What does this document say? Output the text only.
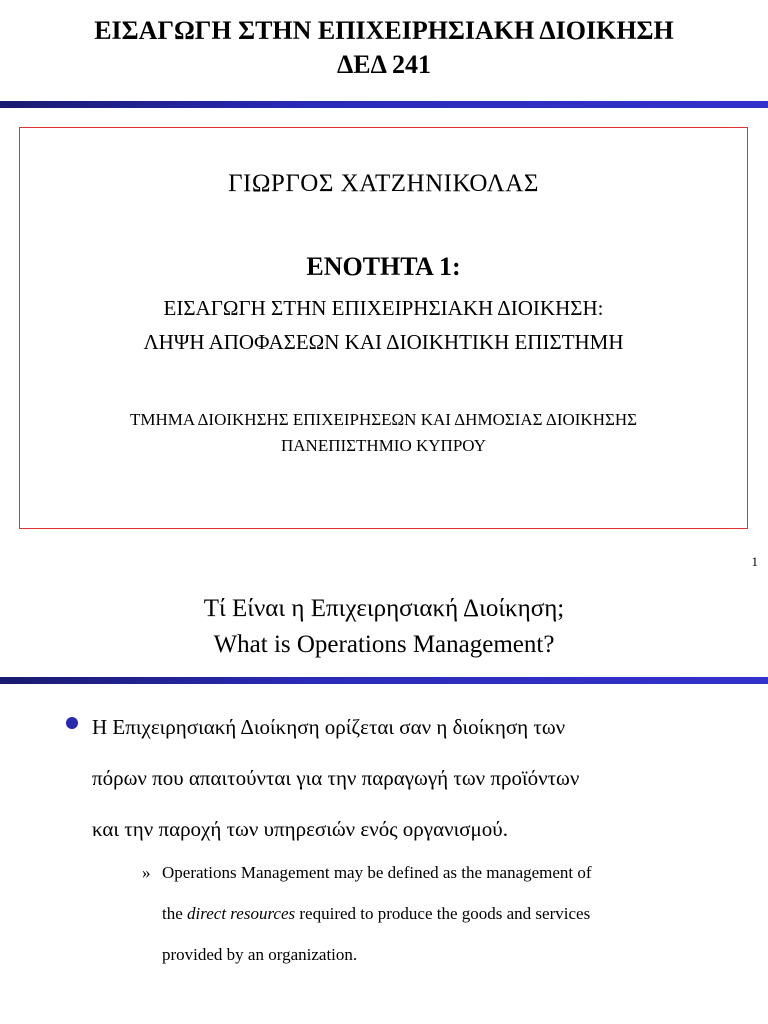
ΕΙΣΑΓΩΓΗ ΣΤΗΝ ΕΠΙΧΕΙΡΗΣΙΑΚΗ ΔΙΟΙΚΗΣΗ
ΔΕΔ 241
ΓΙΩΡΓΟΣ ΧΑΤΖΗΝΙΚΟΛΑΣ
ΕΝΟΤΗΤΑ 1:
ΕΙΣΑΓΩΓΗ ΣΤΗΝ ΕΠΙΧΕΙΡΗΣΙΑΚΗ ΔΙΟΙΚΗΣΗ:
ΛΗΨΗ ΑΠΟΦΑΣΕΩΝ ΚΑΙ ΔΙΟΙΚΗΤΙΚΗ ΕΠΙΣΤΗΜΗ
ΤΜΗΜΑ ΔΙΟΙΚΗΣΗΣ ΕΠΙΧΕΙΡΗΣΕΩΝ ΚΑΙ ΔΗΜΟΣΙΑΣ ΔΙΟΙΚΗΣΗΣ
ΠΑΝΕΠΙΣΤΗΜΙΟ ΚΥΠΡΟΥ
1
Τί Είναι η Επιχειρησιακή Διοίκηση;
What is Operations Management?
Η Επιχειρησιακή Διοίκηση ορίζεται σαν η διοίκηση των
πόρων που απαιτούνται για την παραγωγή των προϊόντων
και την παροχή των υπηρεσιών ενός οργανισμού.
» Operations Management may be defined as the management of
the direct resources required to produce the goods and services
provided by an organization.
